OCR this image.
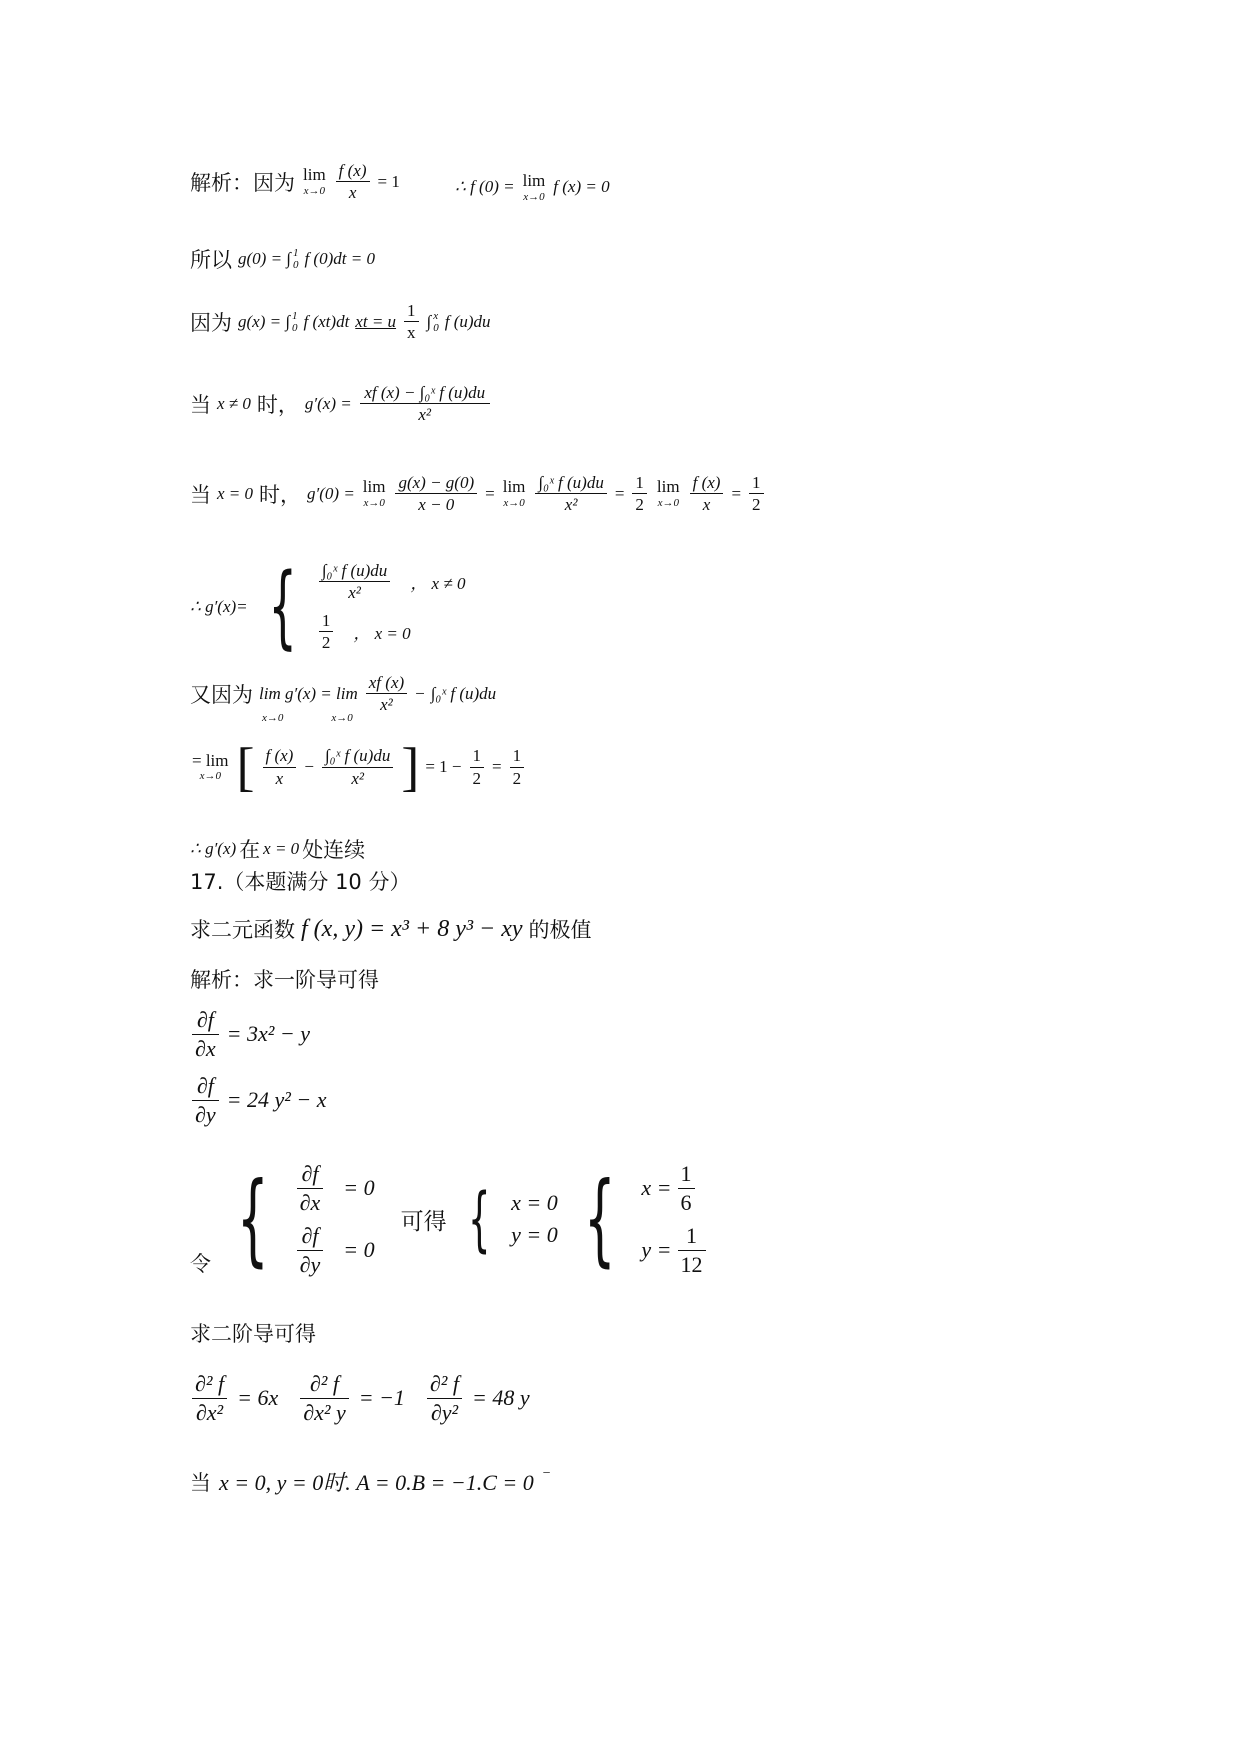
解析：因为 lim
$x\to 0 \frac{f (x)}{x} = 1$	∴ f (0) = lim
x→0
f (x) = 0
所以 g(0) = ∫ 1
0 f (0)dt = 0
因为 g(x) = ∫ 1
0 f (xt)dt xt = u $\frac{1}{x}$ ∫ x
0 f (u)du
当 x ≠ 0 时， $g'(x) = \frac{\text{xf (x) − ∫₀ˣ f (u)du}}{\text{x²}}$
当 x = 0 时， g′(0) = lim
$x\to 0 \frac{g(x) - g(0)}{x - 0} = \lim$
$x\to 0 \frac{\text{∫₀ˣ f (u)du}}{\text{x²}} = \frac{1}{2}$ lim
$x\to 0 \frac{f (x)}{x} = \frac{1}{2}$
∴ g′(x)= { $\frac{\text{∫₀ˣ f (u)du}}{\text{x²}}$ ， x ≠ 0
$\frac{1}{2}$ ， x = 0
又因为 $\lim g'(x) = \lim \frac{xf (x)}{\text{x²}}$ − ∫₀ˣ f (u)du
x→0	x→0
= lim
x→0 [ $\frac{f (x)}{x} - \frac{\text{∫₀ˣ f (u)du}}{\text{x²}}$ ] = $1 - \frac{1}{2} = \frac{1}{2}$
∴ g′(x) 在 x = 0 处连续
17.（本题满分 10 分）
求二元函数 f (x, y) = x³ + 8 y³ − xy 的极值
解析：求一阶导可得
$\frac{\partial f}{\partial x} = 3x^2 - y$
$\frac{\partial f}{\partial y} = 24$ y² − x
令 { $\frac{\partial f}{\partial x} = 0$
$\frac{\partial f}{\partial y} = 0$
可得 { x = 0
y = 0 { $x = \frac{1}{6}$
$y = \frac{1}{12}$
求二阶导可得
$\frac{\text{∂² f}}{\text{∂x²}} = 6x \frac{\text{∂² f}}{\text{∂x² y}} = -1 \frac{\text{∂² f}}{\text{∂y²}} = 48$ y
当 x = 0, y = 0时. A = 0.B = −1.C = 0 −
